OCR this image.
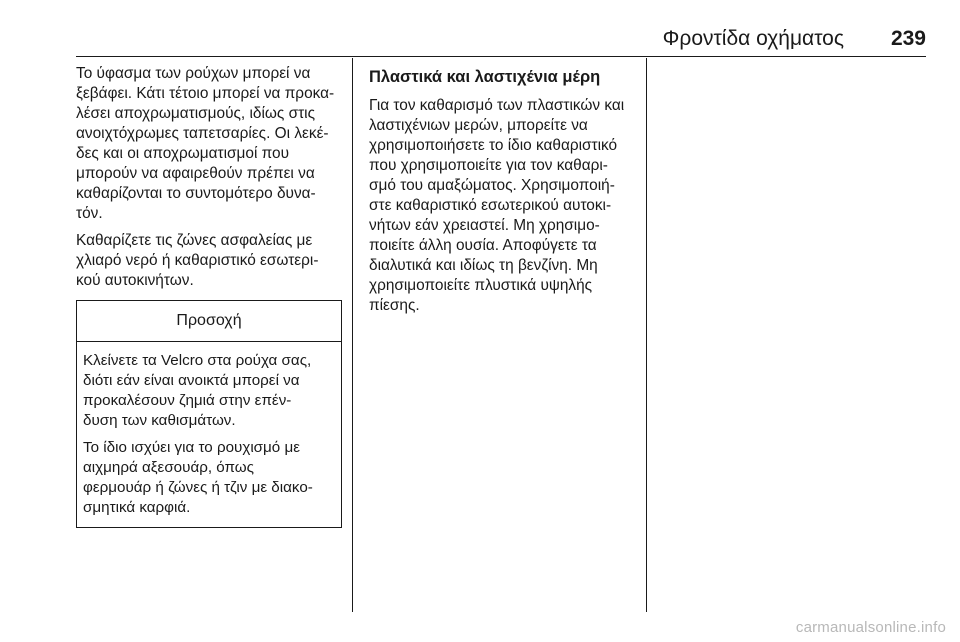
Φροντίδα οχήματος 239

Το ύφασμα των ρούχων μπορεί να
ξεβάφει. Κάτι τέτοιο μπορεί να προκα-
λέσει αποχρωματισμούς, ιδίως στις
ανοιχτόχρωμες ταπετσαρίες. Οι λεκέ-
δες και οι αποχρωματισμοί που
μπορούν να αφαιρεθούν πρέπει να
καθαρίζονται το συντομότερο δυνα-
τόν.

Καθαρίζετε τις ζώνες ασφαλείας με
χλιαρό νερό ή καθαριστικό εσωτερι-
κού αυτοκινήτων.

Προσοχή

Κλείνετε τα Velcro στα ρούχα σας,
διότι εάν είναι ανοικτά μπορεί να
προκαλέσουν ζημιά στην επέν-
δυση των καθισμάτων.

Το ίδιο ισχύει για το ρουχισμό με
αιχμηρά αξεσουάρ, όπως
φερμουάρ ή ζώνες ή τζιν με διακο-
σμητικά καρφιά.

Πλαστικά και λαστιχένια μέρη

Για τον καθαρισμό των πλαστικών και
λαστιχένιων μερών, μπορείτε να
χρησιμοποιήσετε το ίδιο καθαριστικό
που χρησιμοποιείτε για τον καθαρι-
σμό του αμαξώματος. Χρησιμοποιή-
στε καθαριστικό εσωτερικού αυτοκι-
νήτων εάν χρειαστεί. Μη χρησιμο-
ποιείτε άλλη ουσία. Αποφύγετε τα
διαλυτικά και ιδίως τη βενζίνη. Μη
χρησιμοποιείτε πλυστικά υψηλής
πίεσης.

carmanualsonline.info
